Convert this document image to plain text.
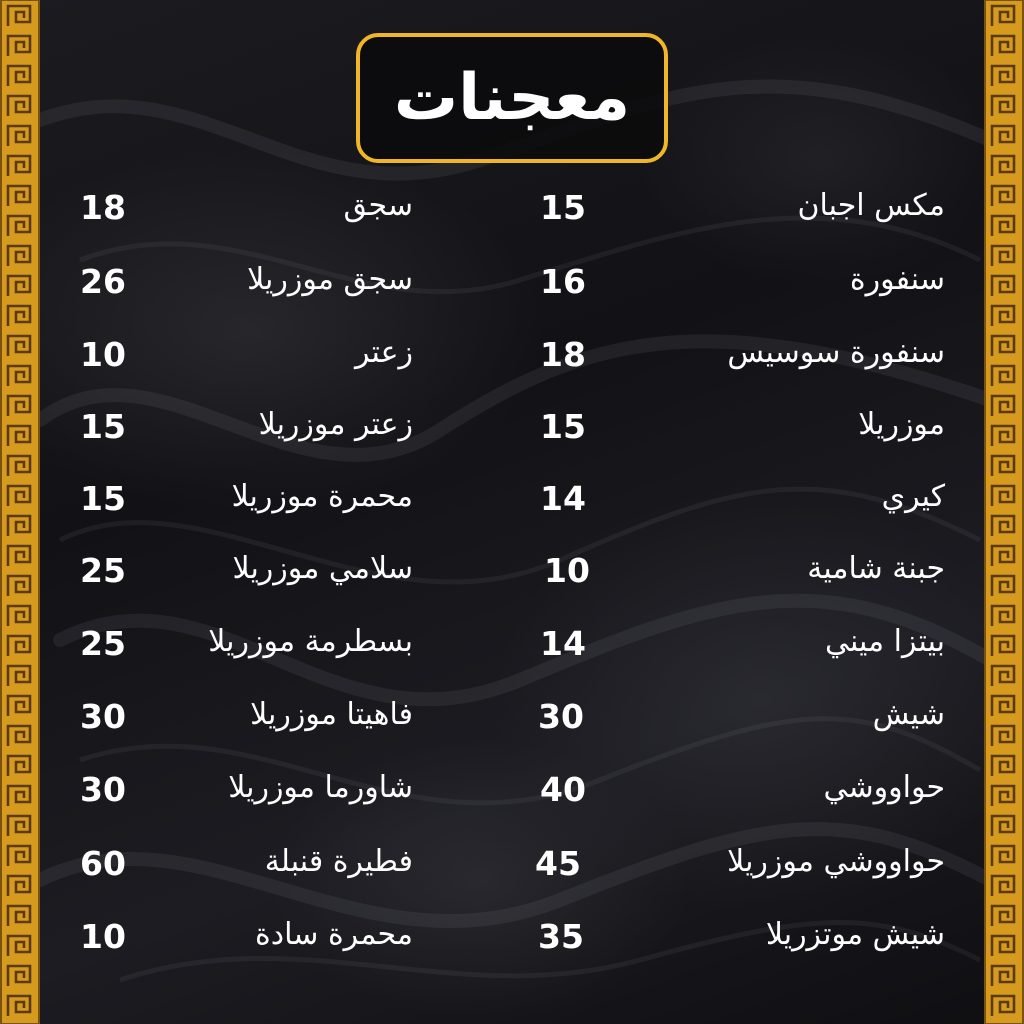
معجنات
15	مكس اجبان
16	سنفورة
18	سنفورة سوسيس
15	موزريلا
14	كيري
10	جبنة شامية
14	بيتزا ميني
30	شيش
40	حواووشي
45	حواووشي موزريلا
35	شيش موتزريلا
18	سجق
26	سجق موزريلا
10	زعتر
15	زعتر موزريلا
15	محمرة موزريلا
25	سلامي موزريلا
25	بسطرمة موزريلا
30	فاهيتا موزريلا
30	شاورما موزريلا
60	فطيرة قنبلة
10	محمرة سادة
